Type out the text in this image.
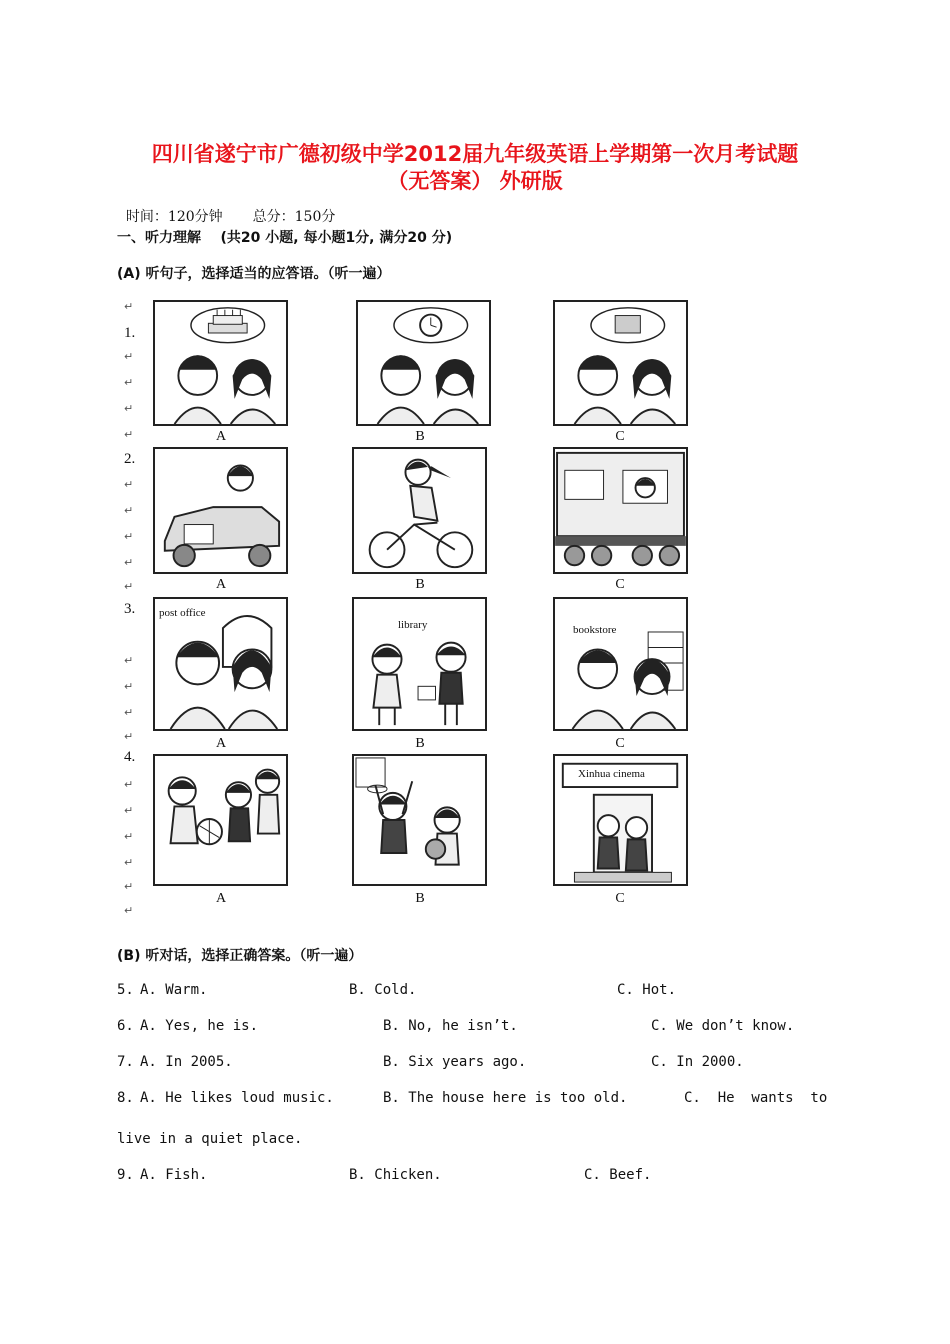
四川省遂宁市广德初级中学2012届九年级英语上学期第一次月考试题
（无答案） 外研版

时间：120分钟 总分：150分

一、听力理解    (共20 小题, 每小题1分, 满分20 分)
(A) 听句子，选择适当的应答语。（听一遍）
↵
↵
↵
↵
↵
↵
↵
↵
↵
↵
↵
↵
↵
↵
↵
↵
↵
↵
↵
↵
1.
2.
3.
4.
A	B	C
A	B	C
post office
library	bookstore
A	B	C
Xinhua cinema
A	B	C
(B) 听对话，选择正确答案。（听一遍）
5. A. Warm.	B. Cold.	C. Hot.
6. A. Yes, he is.	B. No, he isn’t.	C. We don’t know.
7. A. In 2005.	B. Six years ago.	C. In 2000.
8. A. He likes loud music.	B. The house here is too old.	C.  He  wants  to
live in a quiet place.
9. A. Fish.	B. Chicken.	C. Beef.
